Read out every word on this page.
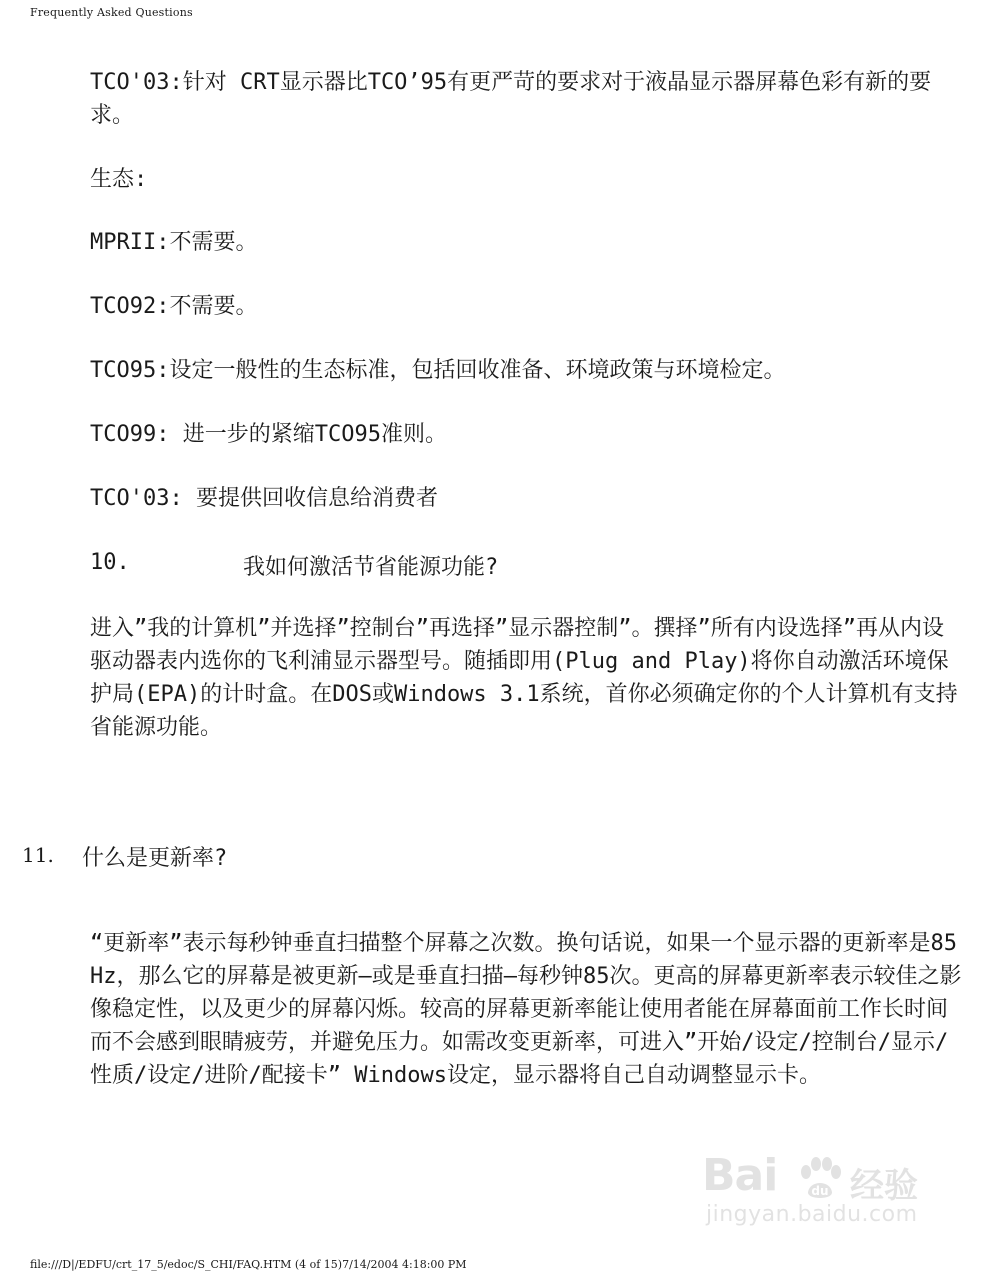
Frequently Asked Questions
TCO'03:针对 CRT显示器比TCO’95有更严苛的要求对于液晶显示器屏幕色彩有新的要求。
生态:
MPRII:不需要。
TCO92:不需要。
TCO95:设定一般性的生态标准，包括回收准备、环境政策与环境检定。
TCO99: 进一步的紧缩TCO95准则。
TCO'03: 要提供回收信息给消费者
10.	我如何激活节省能源功能?
进入”我的计算机”并选择”控制台”再选择”显示器控制”。撰择”所有内设选择”再从内设驱动器表内选你的飞利浦显示器型号。随插即用(Plug and Play)将你自动激活环境保护局(EPA)的计时盒。在DOS或Windows 3.1系统，首你必须确定你的个人计算机有支持省能源功能。
11. 什么是更新率?
“更新率”表示每秒钟垂直扫描整个屏幕之次数。换句话说，如果一个显示器的更新率是85 Hz，那么它的屏幕是被更新—或是垂直扫描—每秒钟85次。更高的屏幕更新率表示较佳之影像稳定性，以及更少的屏幕闪烁。较高的屏幕更新率能让使用者能在屏幕面前工作长时间而不会感到眼睛疲劳，并避免压力。如需改变更新率，可进入”开始/设定/控制台/显示/性质/设定/进阶/配接卡” Windows设定，显示器将自己自动调整显示卡。
Bai	du 经验
jingyan.baidu.com
file:///D|/EDFU/crt_17_5/edoc/S_CHI/FAQ.HTM (4 of 15)7/14/2004 4:18:00 PM
